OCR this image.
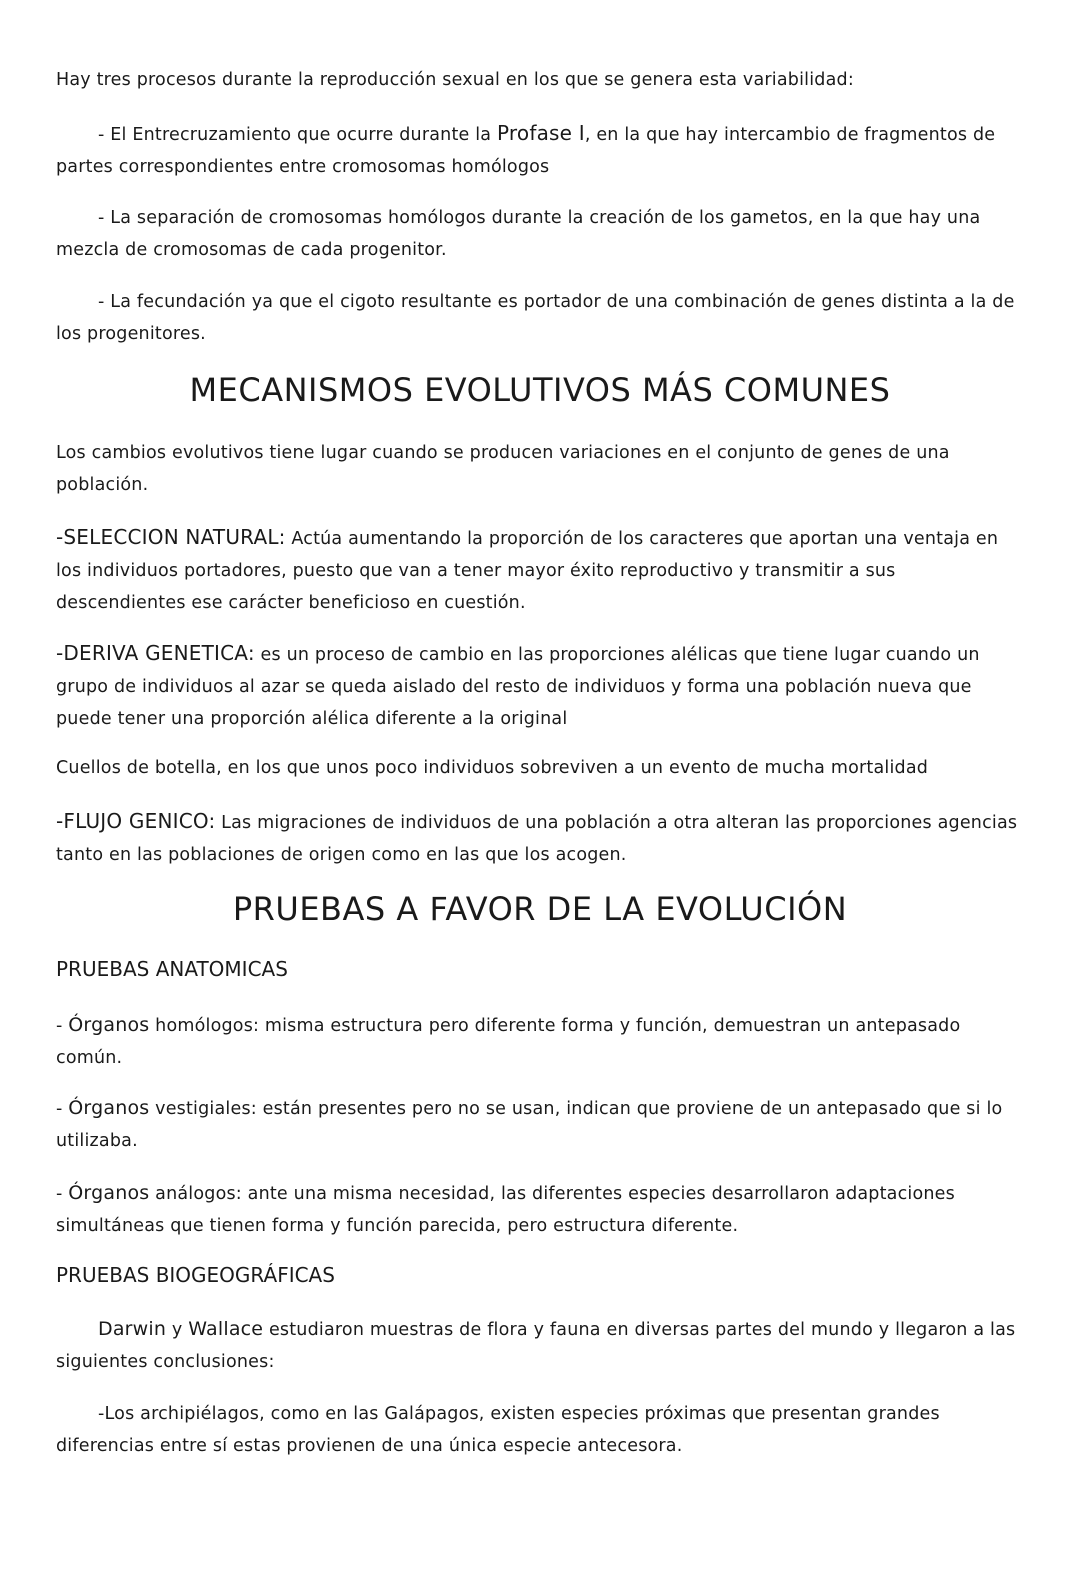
Hay tres procesos durante la reproducción sexual en los que se genera esta variabilidad:

- El Entrecruzamiento que ocurre durante la Profase I, en la que hay intercambio de fragmentos de partes correspondientes entre cromosomas homólogos

- La separación de cromosomas homólogos durante la creación de los gametos, en la que hay una mezcla de cromosomas de cada progenitor.

- La fecundación ya que el cigoto resultante es portador de una combinación de genes distinta a la de los progenitores.

MECANISMOS EVOLUTIVOS MÁS COMUNES

Los cambios evolutivos tiene lugar cuando se producen variaciones en el conjunto de genes de una población.

-SELECCION NATURAL: Actúa aumentando la proporción de los caracteres que aportan una ventaja en los individuos portadores, puesto que van a tener mayor éxito reproductivo y transmitir a sus descendientes ese carácter beneficioso en cuestión.

-DERIVA GENETICA: es un proceso de cambio en las proporciones alélicas que tiene lugar cuando un grupo de individuos al azar se queda aislado del resto de individuos y forma una población nueva que puede tener una proporción alélica diferente a la original

Cuellos de botella, en los que unos poco individuos sobreviven a un evento de mucha mortalidad

-FLUJO GENICO: Las migraciones de individuos de una población a otra alteran las proporciones agencias tanto en las poblaciones de origen como en las que los acogen.

PRUEBAS A FAVOR DE LA EVOLUCIÓN
PRUEBAS ANATOMICAS

- Órganos homólogos: misma estructura pero diferente forma y función, demuestran un antepasado común.

- Órganos vestigiales: están presentes pero no se usan, indican que proviene de un antepasado que si lo utilizaba.

- Órganos análogos: ante una misma necesidad, las diferentes especies desarrollaron adaptaciones simultáneas que tienen forma y función parecida, pero estructura diferente.

PRUEBAS BIOGEOGRÁFICAS

Darwin y Wallace estudiaron muestras de flora y fauna en diversas partes del mundo y llegaron a las siguientes conclusiones:

-Los archipiélagos, como en las Galápagos, existen especies próximas que presentan grandes diferencias entre sí estas provienen de una única especie antecesora.
